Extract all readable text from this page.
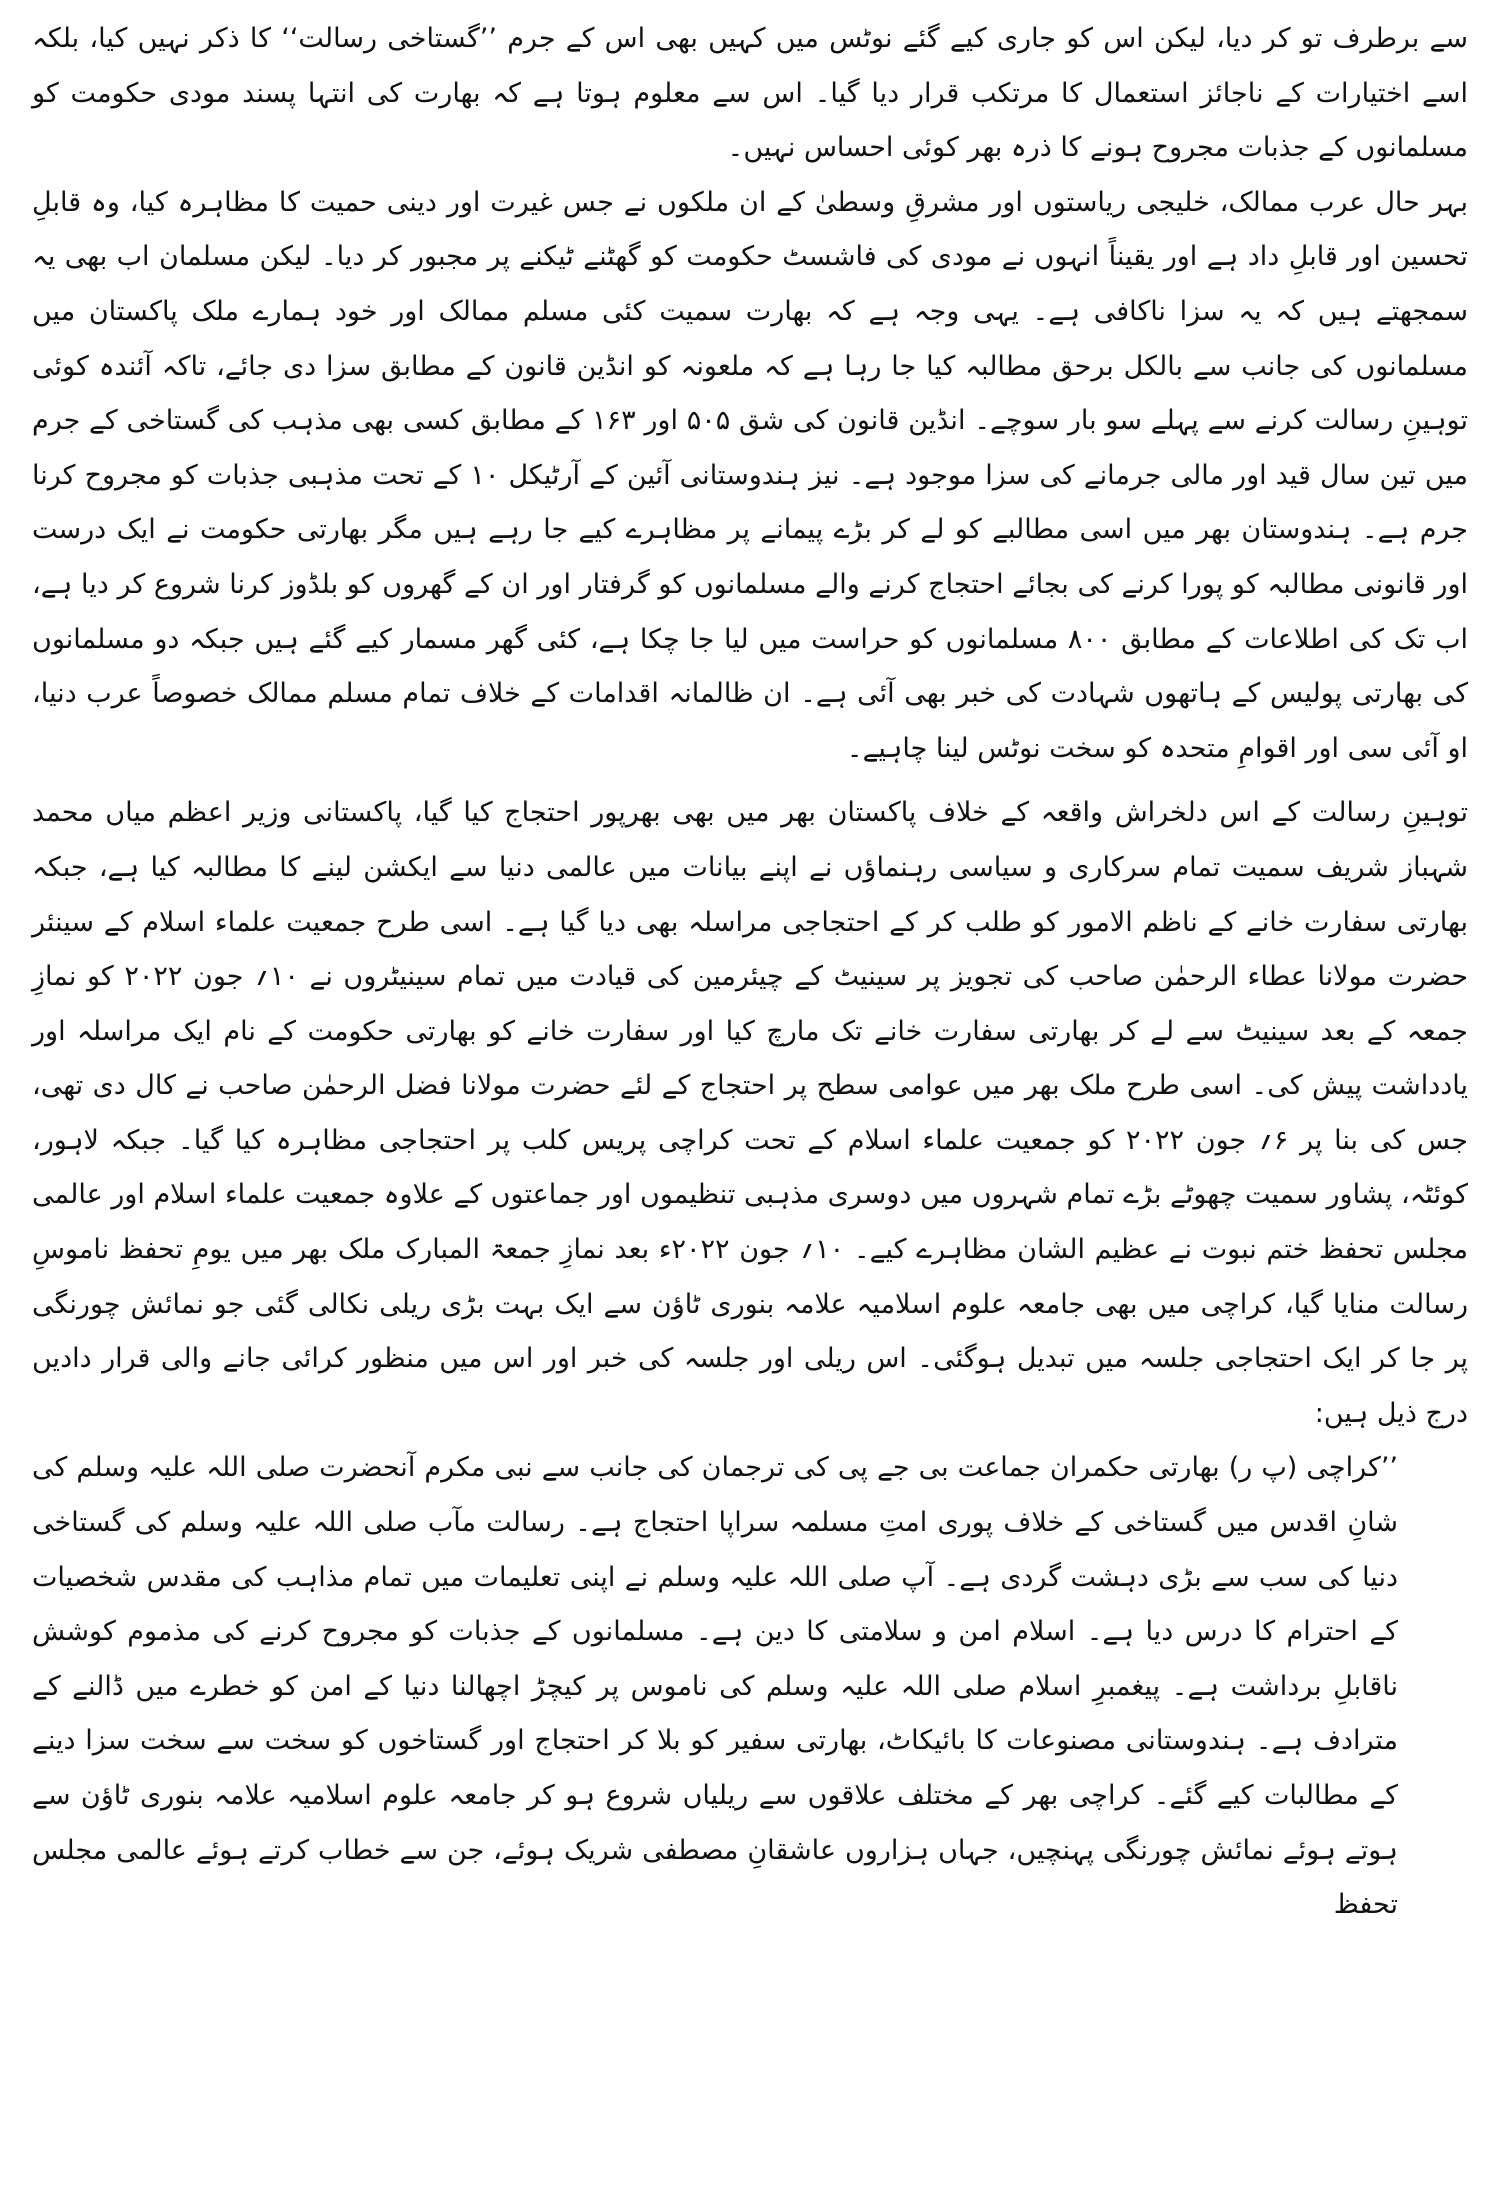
سے برطرف تو کر دیا، لیکن اس کو جاری کیے گئے نوٹس میں کہیں بھی اس کے جرم ’’گستاخی رسالت‘‘ کا ذکر نہیں کیا، بلکہ اسے اختیارات کے ناجائز استعمال کا مرتکب قرار دیا گیا۔ اس سے معلوم ہوتا ہے کہ بھارت کی انتہا پسند مودی حکومت کو مسلمانوں کے جذبات مجروح ہونے کا ذرہ بھر کوئی احساس نہیں۔

بہر حال عرب ممالک، خلیجی ریاستوں اور مشرقِ وسطیٰ کے ان ملکوں نے جس غیرت اور دینی حمیت کا مظاہرہ کیا، وہ قابلِ تحسین اور قابلِ داد ہے اور یقیناً انہوں نے مودی کی فاشسٹ حکومت کو گھٹنے ٹیکنے پر مجبور کر دیا۔ لیکن مسلمان اب بھی یہ سمجھتے ہیں کہ یہ سزا ناکافی ہے۔ یہی وجہ ہے کہ بھارت سمیت کئی مسلم ممالک اور خود ہمارے ملک پاکستان میں مسلمانوں کی جانب سے بالکل برحق مطالبہ کیا جا رہا ہے کہ ملعونہ کو انڈین قانون کے مطابق سزا دی جائے، تاکہ آئندہ کوئی توہینِ رسالت کرنے سے پہلے سو بار سوچے۔ انڈین قانون کی شق ۵۰۵ اور ۱۶۳ کے مطابق کسی بھی مذہب کی گستاخی کے جرم میں تین سال قید اور مالی جرمانے کی سزا موجود ہے۔ نیز ہندوستانی آئین کے آرٹیکل ۱۰ کے تحت مذہبی جذبات کو مجروح کرنا جرم ہے۔ ہندوستان بھر میں اسی مطالبے کو لے کر بڑے پیمانے پر مظاہرے کیے جا رہے ہیں مگر بھارتی حکومت نے ایک درست اور قانونی مطالبہ کو پورا کرنے کی بجائے احتجاج کرنے والے مسلمانوں کو گرفتار اور ان کے گھروں کو بلڈوز کرنا شروع کر دیا ہے، اب تک کی اطلاعات کے مطابق ۸۰۰ مسلمانوں کو حراست میں لیا جا چکا ہے، کئی گھر مسمار کیے گئے ہیں جبکہ دو مسلمانوں کی بھارتی پولیس کے ہاتھوں شہادت کی خبر بھی آئی ہے۔ ان ظالمانہ اقدامات کے خلاف تمام مسلم ممالک خصوصاً عرب دنیا، او آئی سی اور اقوامِ متحدہ کو سخت نوٹس لینا چاہیے۔

توہینِ رسالت کے اس دلخراش واقعہ کے خلاف پاکستان بھر میں بھی بھرپور احتجاج کیا گیا، پاکستانی وزیر اعظم میاں محمد شہباز شریف سمیت تمام سرکاری و سیاسی رہنماؤں نے اپنے بیانات میں عالمی دنیا سے ایکشن لینے کا مطالبہ کیا ہے، جبکہ بھارتی سفارت خانے کے ناظم الامور کو طلب کر کے احتجاجی مراسلہ بھی دیا گیا ہے۔ اسی طرح جمعیت علماء اسلام کے سینئر حضرت مولانا عطاء الرحمٰن صاحب کی تجویز پر سینیٹ کے چیئرمین کی قیادت میں تمام سینیٹروں نے ۱۰؍ جون ۲۰۲۲ کو نمازِ جمعہ کے بعد سینیٹ سے لے کر بھارتی سفارت خانے تک مارچ کیا اور سفارت خانے کو بھارتی حکومت کے نام ایک مراسلہ اور یادداشت پیش کی۔ اسی طرح ملک بھر میں عوامی سطح پر احتجاج کے لئے حضرت مولانا فضل الرحمٰن صاحب نے کال دی تھی، جس کی بنا پر ۶؍ جون ۲۰۲۲ کو جمعیت علماء اسلام کے تحت کراچی پریس کلب پر احتجاجی مظاہرہ کیا گیا۔ جبکہ لاہور، کوئٹہ، پشاور سمیت چھوٹے بڑے تمام شہروں میں دوسری مذہبی تنظیموں اور جماعتوں کے علاوہ جمعیت علماء اسلام اور عالمی مجلس تحفظ ختم نبوت نے عظیم الشان مظاہرے کیے۔ ۱۰؍ جون ۲۰۲۲ء بعد نمازِ جمعۃ المبارک ملک بھر میں یومِ تحفظ ناموسِ رسالت منایا گیا، کراچی میں بھی جامعہ علوم اسلامیہ علامہ بنوری ٹاؤن سے ایک بہت بڑی ریلی نکالی گئی جو نمائش چورنگی پر جا کر ایک احتجاجی جلسہ میں تبدیل ہوگئی۔ اس ریلی اور جلسہ کی خبر اور اس میں منظور کرائی جانے والی قرار دادیں درج ذیل ہیں:

’’کراچی (پ ر) بھارتی حکمران جماعت بی جے پی کی ترجمان کی جانب سے نبی مکرم آنحضرت صلی اللہ علیہ وسلم کی شانِ اقدس میں گستاخی کے خلاف پوری امتِ مسلمہ سراپا احتجاج ہے۔ رسالت مآب صلی اللہ علیہ وسلم کی گستاخی دنیا کی سب سے بڑی دہشت گردی ہے۔ آپ صلی اللہ علیہ وسلم نے اپنی تعلیمات میں تمام مذاہب کی مقدس شخصیات کے احترام کا درس دیا ہے۔ اسلام امن و سلامتی کا دین ہے۔ مسلمانوں کے جذبات کو مجروح کرنے کی مذموم کوشش ناقابلِ برداشت ہے۔ پیغمبرِ اسلام صلی اللہ علیہ وسلم کی ناموس پر کیچڑ اچھالنا دنیا کے امن کو خطرے میں ڈالنے کے مترادف ہے۔ ہندوستانی مصنوعات کا بائیکاٹ، بھارتی سفیر کو بلا کر احتجاج اور گستاخوں کو سخت سے سخت سزا دینے کے مطالبات کیے گئے۔ کراچی بھر کے مختلف علاقوں سے ریلیاں شروع ہو کر جامعہ علوم اسلامیہ علامہ بنوری ٹاؤن سے ہوتے ہوئے نمائش چورنگی پہنچیں، جہاں ہزاروں عاشقانِ مصطفی شریک ہوئے، جن سے خطاب کرتے ہوئے عالمی مجلس تحفظ
